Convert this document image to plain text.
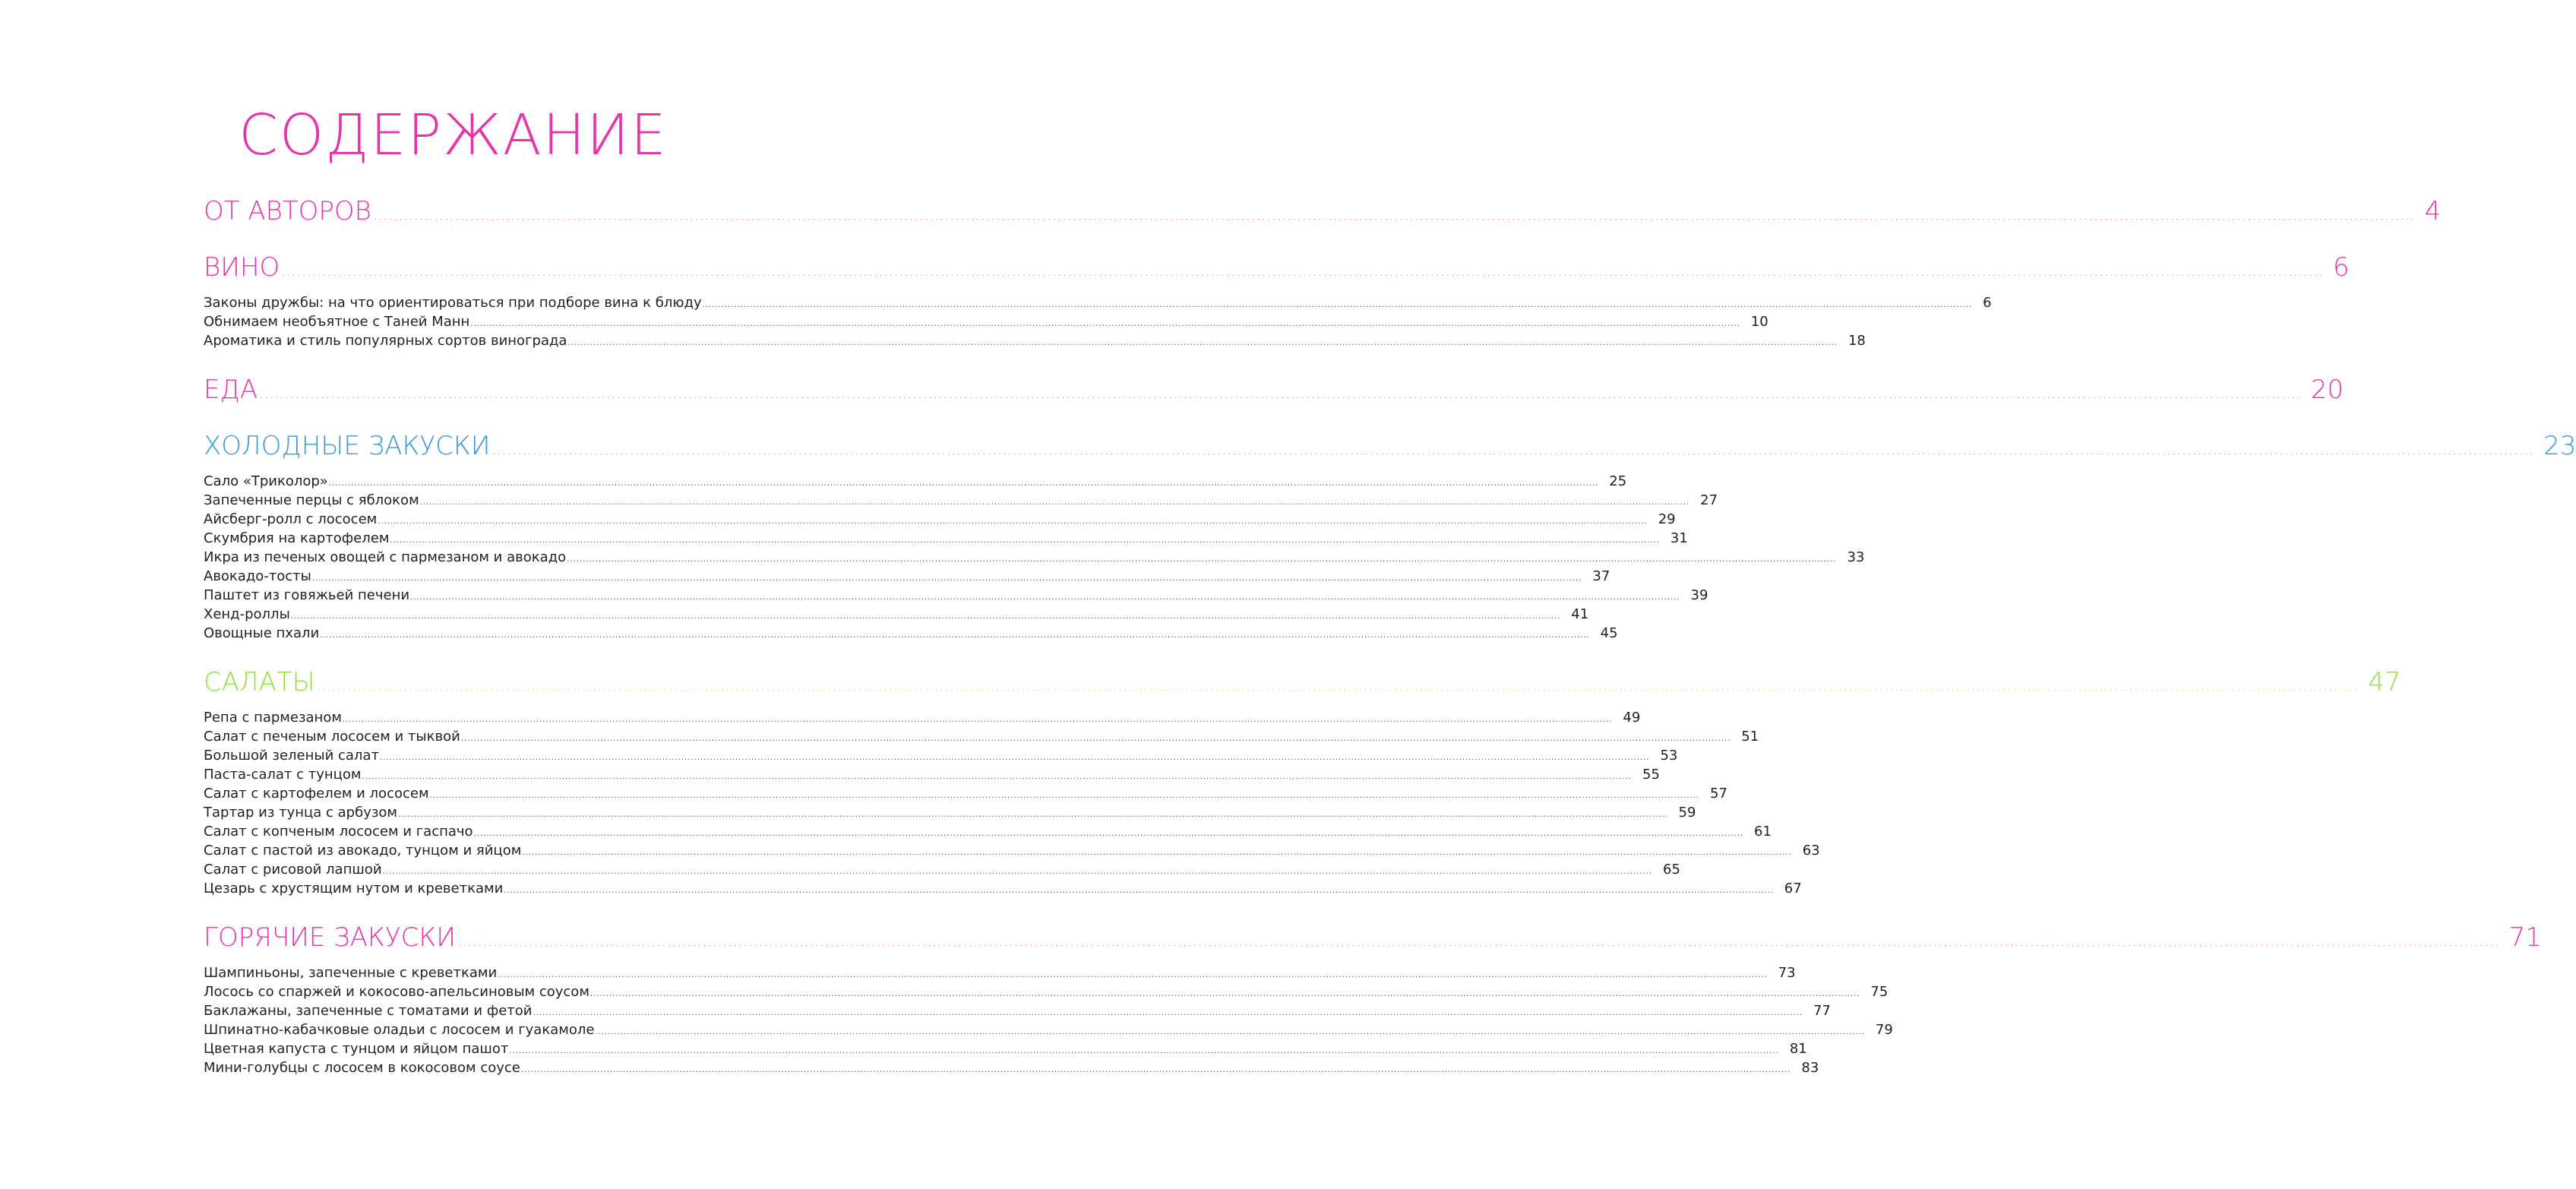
СОДЕРЖАНИЕ
ОТ АВТОРОВ ................................................................................................................................................................................................................................................................................................................................................................................................................ 4
ВИНО ................................................................................................................................................................................................................................................................................................................................................................................................................ 6
Законы дружбы: на что ориентироваться при подборе вина к блюду ................................................................................................................................................................................................................................................................................................................................................................................................................ 6
Обнимаем необъятное с Таней Манн ................................................................................................................................................................................................................................................................................................................................................................................................................ 10
Ароматика и стиль популярных сортов винограда ................................................................................................................................................................................................................................................................................................................................................................................................................ 18
ЕДА ................................................................................................................................................................................................................................................................................................................................................................................................................ 20
ХОЛОДНЫЕ ЗАКУСКИ ................................................................................................................................................................................................................................................................................................................................................................................................................ 23
Сало «Триколор» ................................................................................................................................................................................................................................................................................................................................................................................................................ 25
Запеченные перцы с яблоком ................................................................................................................................................................................................................................................................................................................................................................................................................ 27
Айсберг-ролл с лососем ................................................................................................................................................................................................................................................................................................................................................................................................................ 29
Скумбрия на картофелем ................................................................................................................................................................................................................................................................................................................................................................................................................ 31
Икра из печеных овощей с пармезаном и авокадо ................................................................................................................................................................................................................................................................................................................................................................................................................ 33
Авокадо-тосты ................................................................................................................................................................................................................................................................................................................................................................................................................ 37
Паштет из говяжьей печени ................................................................................................................................................................................................................................................................................................................................................................................................................ 39
Хенд-роллы ................................................................................................................................................................................................................................................................................................................................................................................................................ 41
Овощные пхали ................................................................................................................................................................................................................................................................................................................................................................................................................ 45
САЛАТЫ ................................................................................................................................................................................................................................................................................................................................................................................................................ 47
Репа с пармезаном ................................................................................................................................................................................................................................................................................................................................................................................................................ 49
Салат с печеным лососем и тыквой ................................................................................................................................................................................................................................................................................................................................................................................................................ 51
Большой зеленый салат ................................................................................................................................................................................................................................................................................................................................................................................................................ 53
Паста-салат с тунцом ................................................................................................................................................................................................................................................................................................................................................................................................................ 55
Салат с картофелем и лососем ................................................................................................................................................................................................................................................................................................................................................................................................................ 57
Тартар из тунца с арбузом ................................................................................................................................................................................................................................................................................................................................................................................................................ 59
Салат с копченым лососем и гаспачо ................................................................................................................................................................................................................................................................................................................................................................................................................ 61
Салат с пастой из авокадо, тунцом и яйцом ................................................................................................................................................................................................................................................................................................................................................................................................................ 63
Салат с рисовой лапшой ................................................................................................................................................................................................................................................................................................................................................................................................................ 65
Цезарь с хрустящим нутом и креветками ................................................................................................................................................................................................................................................................................................................................................................................................................ 67
ГОРЯЧИЕ ЗАКУСКИ ................................................................................................................................................................................................................................................................................................................................................................................................................ 71
Шампиньоны, запеченные с креветками ................................................................................................................................................................................................................................................................................................................................................................................................................ 73
Лосось со спаржей и кокосово-апельсиновым соусом ................................................................................................................................................................................................................................................................................................................................................................................................................ 75
Баклажаны, запеченные с томатами и фетой ................................................................................................................................................................................................................................................................................................................................................................................................................ 77
Шпинатно-кабачковые оладьи с лососем и гуакамоле ................................................................................................................................................................................................................................................................................................................................................................................................................ 79
Цветная капуста с тунцом и яйцом пашот ................................................................................................................................................................................................................................................................................................................................................................................................................ 81
Мини-голубцы с лососем в кокосовом соусе ................................................................................................................................................................................................................................................................................................................................................................................................................ 83
